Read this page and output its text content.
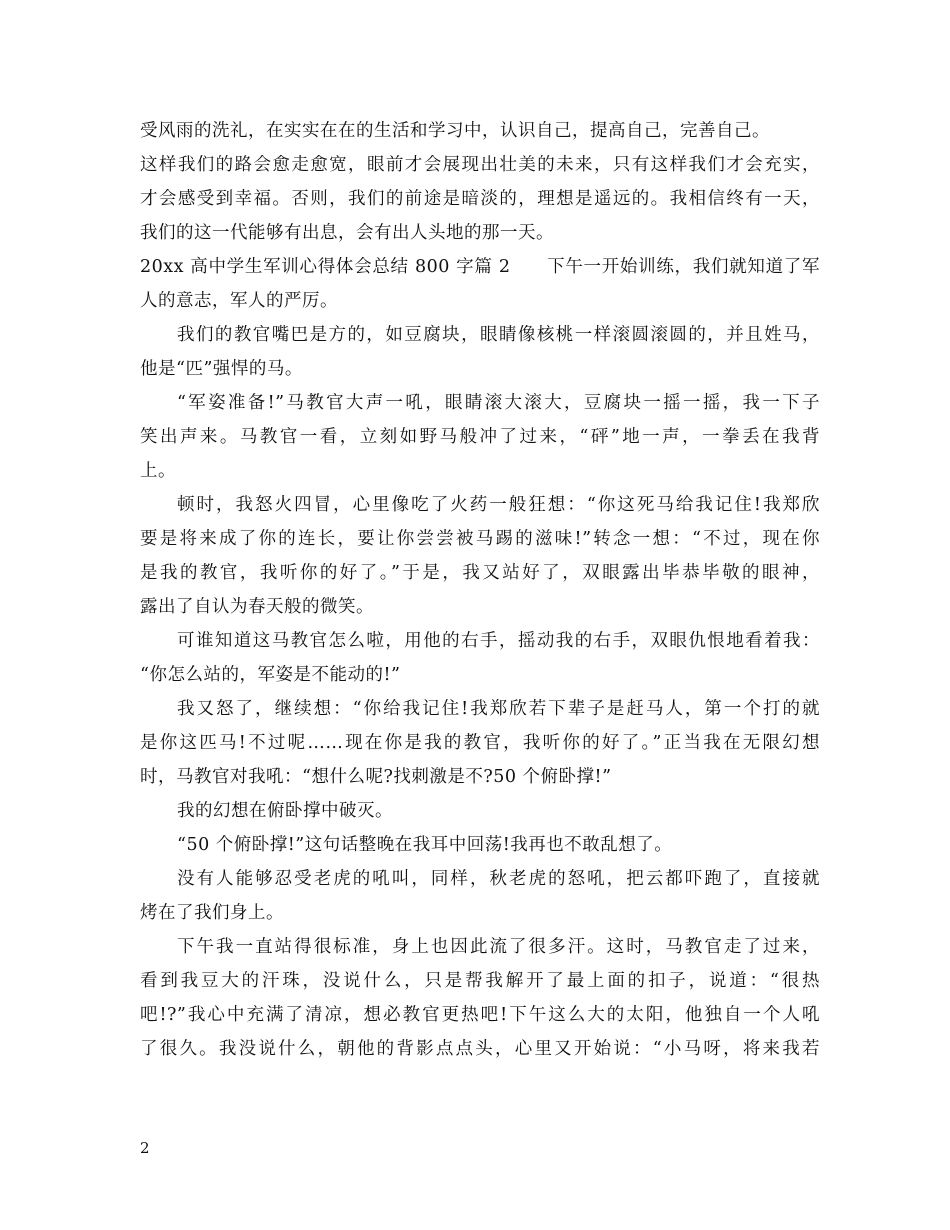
受风雨的洗礼，在实实在在的生活和学习中，认识自己，提高自己，完善自己。
这样我们的路会愈走愈宽，眼前才会展现出壮美的未来，只有这样我们才会充实，
才会感受到幸福。否则，我们的前途是暗淡的，理想是遥远的。我相信终有一天，
我们的这一代能够有出息，会有出人头地的那一天。
20xx 高中学生军训心得体会总结 800 字篇 2　　下午一开始训练，我们就知道了军
人的意志，军人的严厉。
我们的教官嘴巴是方的，如豆腐块，眼睛像核桃一样滚圆滚圆的，并且姓马，
他是“匹”强悍的马。
“军姿准备!”马教官大声一吼，眼睛滚大滚大，豆腐块一摇一摇，我一下子
笑出声来。马教官一看，立刻如野马般冲了过来，“砰”地一声，一拳丢在我背
上。
顿时，我怒火四冒，心里像吃了火药一般狂想：“你这死马给我记住!我郑欣
要是将来成了你的连长，要让你尝尝被马踢的滋味!”转念一想：“不过，现在你
是我的教官，我听你的好了。”于是，我又站好了，双眼露出毕恭毕敬的眼神，
露出了自认为春天般的微笑。
可谁知道这马教官怎么啦，用他的右手，摇动我的右手，双眼仇恨地看着我：
“你怎么站的，军姿是不能动的!”
我又怒了，继续想：“你给我记住!我郑欣若下辈子是赶马人，第一个打的就
是你这匹马!不过呢……现在你是我的教官，我听你的好了。”正当我在无限幻想
时，马教官对我吼：“想什么呢?找刺激是不?50 个俯卧撑!”
我的幻想在俯卧撑中破灭。
“50 个俯卧撑!”这句话整晚在我耳中回荡!我再也不敢乱想了。
没有人能够忍受老虎的吼叫，同样，秋老虎的怒吼，把云都吓跑了，直接就
烤在了我们身上。
下午我一直站得很标准，身上也因此流了很多汗。这时，马教官走了过来，
看到我豆大的汗珠，没说什么，只是帮我解开了最上面的扣子，说道：“很热
吧!?”我心中充满了清凉，想必教官更热吧!下午这么大的太阳，他独自一个人吼
了很久。我没说什么，朝他的背影点点头，心里又开始说：“小马呀，将来我若
2
